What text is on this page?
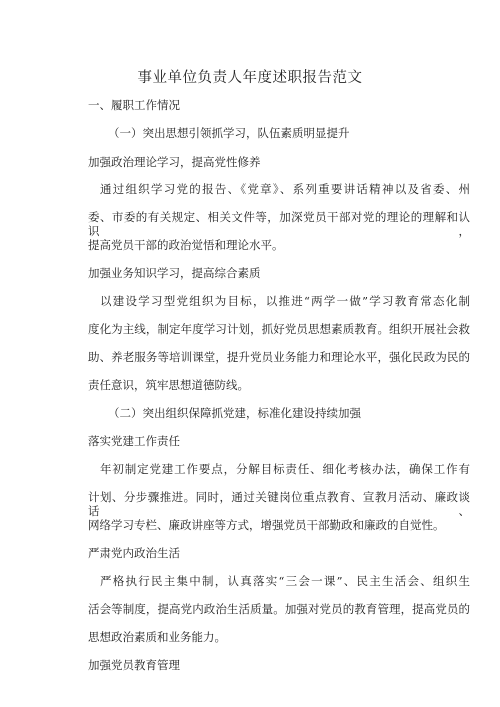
事业单位负责人年度述职报告范文

一、履职工作情况

（一）突出思想引领抓学习，队伍素质明显提升

加强政治理论学习，提高党性修养

通过组织学习党的报告、《党章》、系列重要讲话精神以及省委、州

委、市委的有关规定、相关文件等，加深党员干部对党的理论的理解和认识，

提高党员干部的政治觉悟和理论水平。

加强业务知识学习，提高综合素质

以建设学习型党组织为目标，以推进“两学一做”学习教育常态化制

度化为主线，制定年度学习计划，抓好党员思想素质教育。组织开展社会救

助、养老服务等培训课堂，提升党员业务能力和理论水平，强化民政为民的

责任意识，筑牢思想道德防线。

（二）突出组织保障抓党建，标准化建设持续加强

落实党建工作责任

年初制定党建工作要点，分解目标责任、细化考核办法，确保工作有

计划、分步骤推进。同时，通过关键岗位重点教育、宣教月活动、廉政谈话、

网络学习专栏、廉政讲座等方式，增强党员干部勤政和廉政的自觉性。

严肃党内政治生活

严格执行民主集中制，认真落实“三会一课”、民主生活会、组织生

活会等制度，提高党内政治生活质量。加强对党员的教育管理，提高党员的

思想政治素质和业务能力。

加强党员教育管理
